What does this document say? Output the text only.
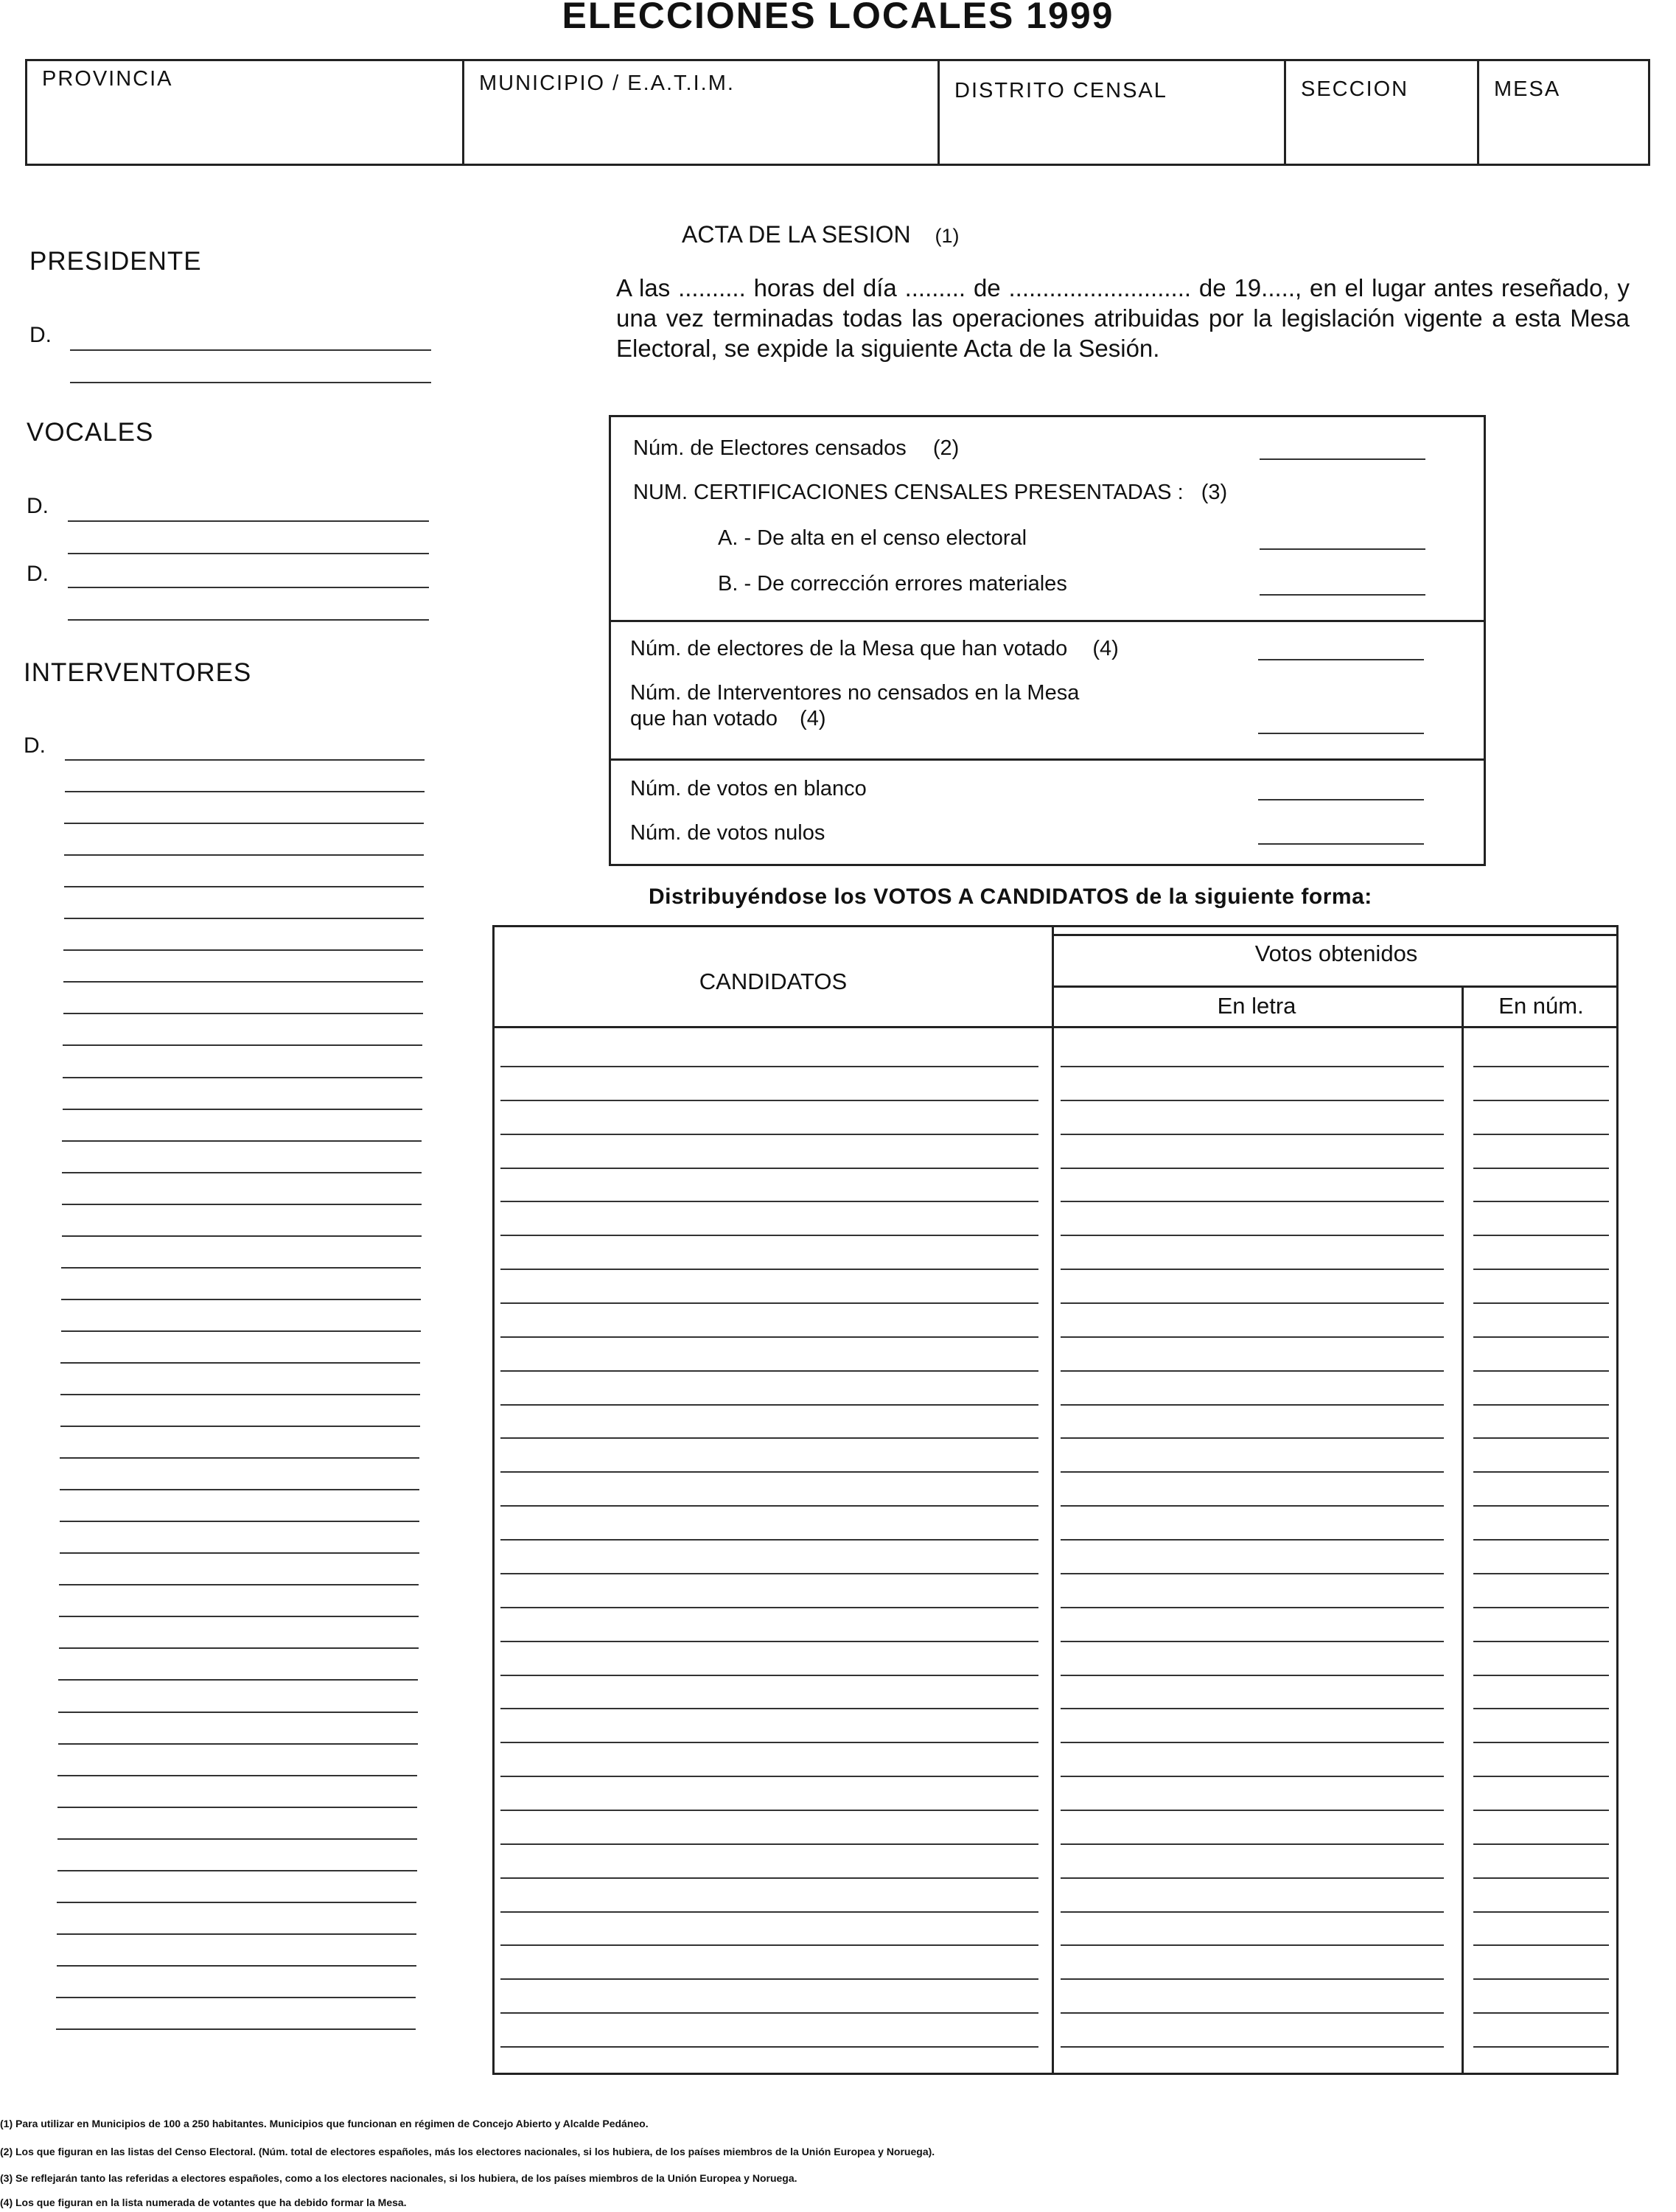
ELECCIONES LOCALES 1999
PROVINCIA	MUNICIPIO / E.A.T.I.M.	DISTRITO CENSAL	SECCION	MESA
PRESIDENTE
D.
VOCALES
D.
D.
INTERVENTORES
D.
ACTA DE LA SESION (1)
A las .......... horas del día ......... de ........................... de 19....., en el lugar antes reseñado, y una vez terminadas todas las operaciones atribuidas por la legislación vigente a esta Mesa Electoral, se expide la siguiente Acta de la Sesión.
Núm. de Electores censados (2)
NUM. CERTIFICACIONES CENSALES PRESENTADAS : (3)
A. - De alta en el censo electoral
B. - De corrección errores materiales
Núm. de electores de la Mesa que han votado (4)
Núm. de Interventores no censados en la Mesa
que han votado (4)
Núm. de votos en blanco
Núm. de votos nulos
Distribuyéndose los VOTOS A CANDIDATOS de la siguiente forma:
CANDIDATOS
Votos obtenidos
En letra	En núm.
(1) Para utilizar en Municipios de 100 a 250 habitantes. Municipios que funcionan en régimen de Concejo Abierto y Alcalde Pedáneo.
(2) Los que figuran en las listas del Censo Electoral. (Núm. total de electores españoles, más los electores nacionales, si los hubiera, de los países miembros de la Unión Europea y Noruega).
(3) Se reflejarán tanto las referidas a electores españoles, como a los electores nacionales, si los hubiera, de los países miembros de la Unión Europea y Noruega.
(4) Los que figuran en la lista numerada de votantes que ha debido formar la Mesa.
